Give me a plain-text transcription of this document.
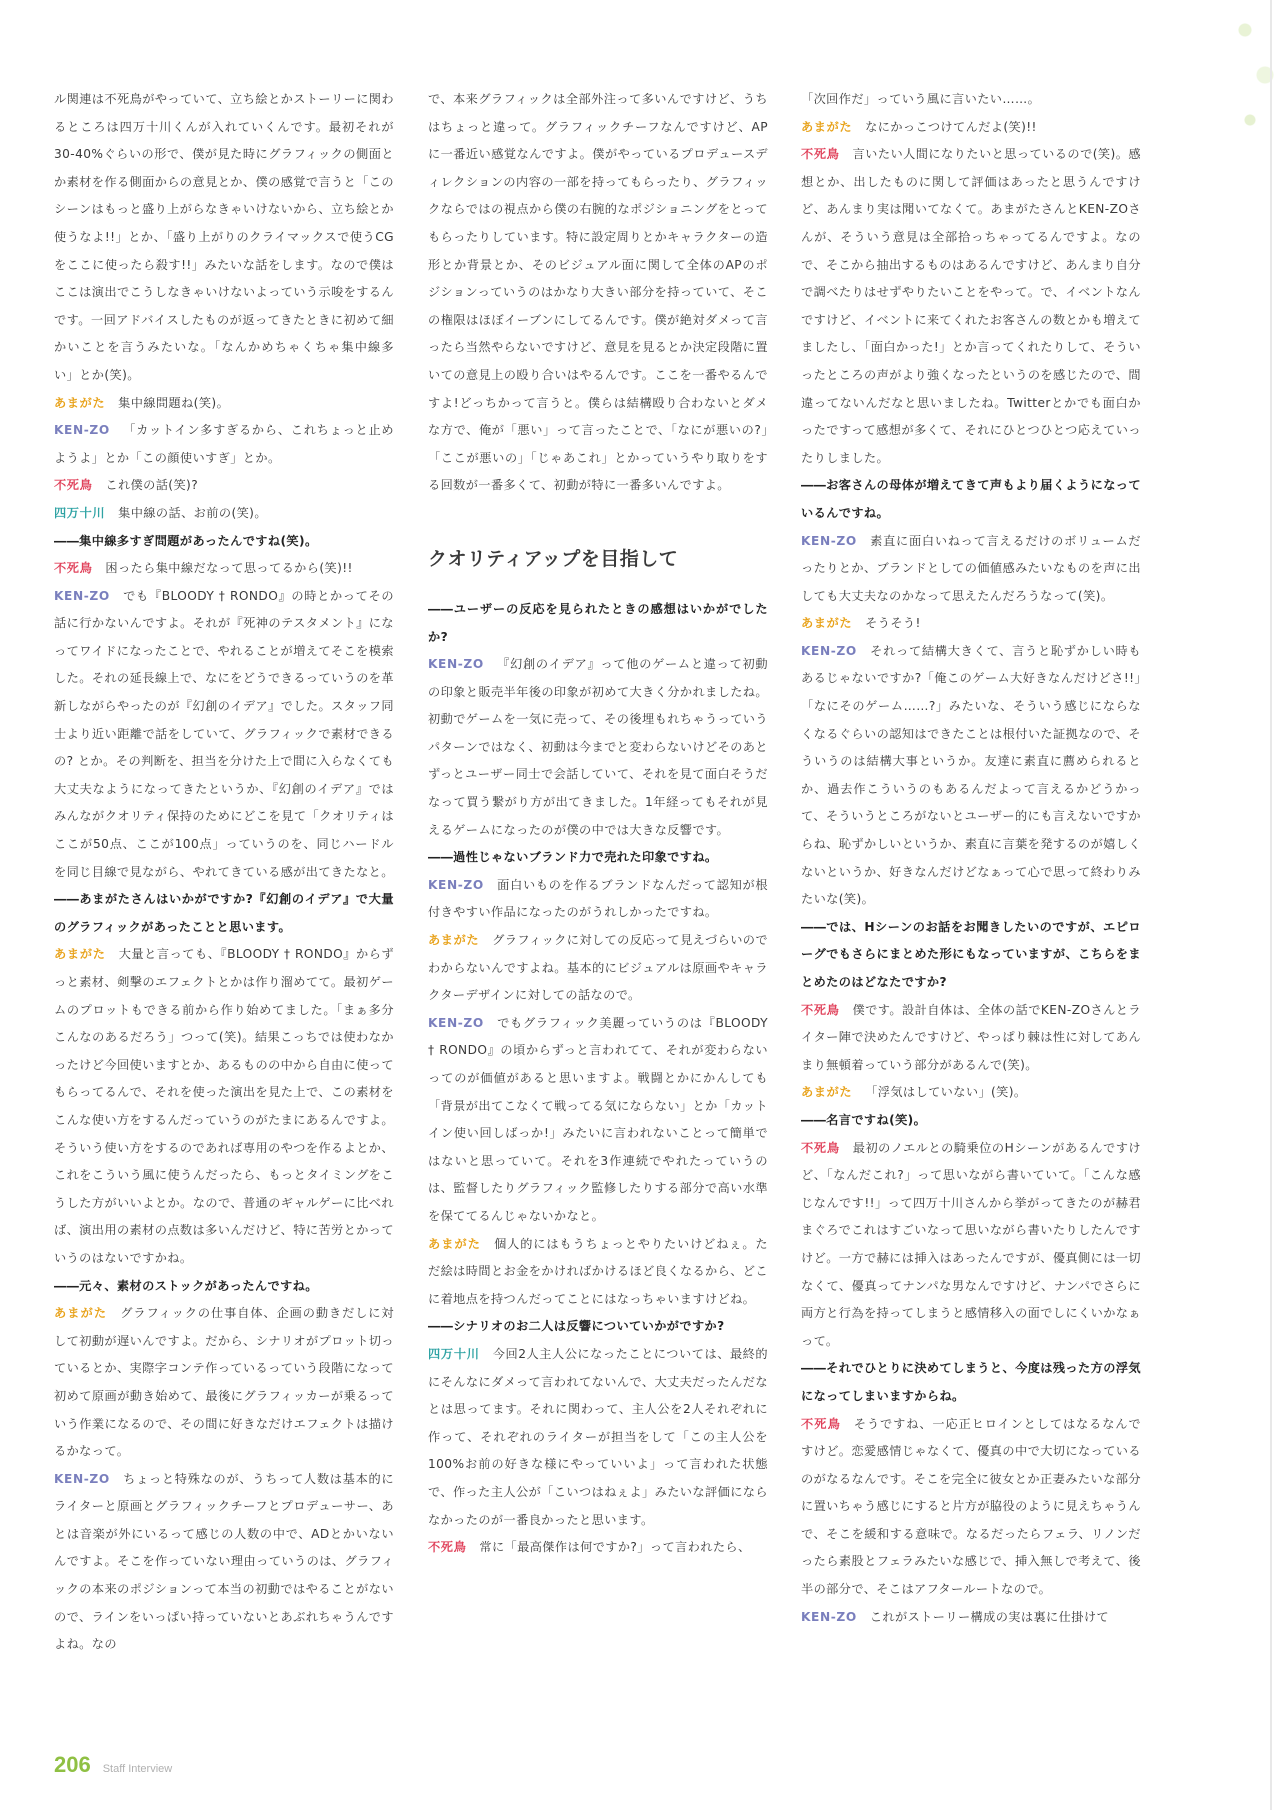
ル関連は不死鳥がやっていて、立ち絵とかストーリーに関わるところは四万十川くんが入れていくんです。最初それが30-40%ぐらいの形で、僕が見た時にグラフィックの側面とか素材を作る側面からの意見とか、僕の感覚で言うと「このシーンはもっと盛り上がらなきゃいけないから、立ち絵とか使うなよ!!」とか、「盛り上がりのクライマックスで使うCGをここに使ったら殺す!!」みたいな話をします。なので僕はここは演出でこうしなきゃいけないよっていう示唆をするんです。一回アドバイスしたものが返ってきたときに初めて細かいことを言うみたいな。「なんかめちゃくちゃ集中線多い」とか(笑)。

あまがた 集中線問題ね(笑)。

KEN-ZO 「カットイン多すぎるから、これちょっと止めようよ」とか「この顔使いすぎ」とか。

不死鳥 これ僕の話(笑)?

四万十川 集中線の話、お前の(笑)。

――集中線多すぎ問題があったんですね(笑)。

不死鳥 困ったら集中線だなって思ってるから(笑)!!

KEN-ZO でも『BLOODY † RONDO』の時とかってその話に行かないんですよ。それが『死神のテスタメント』になってワイドになったことで、やれることが増えてそこを模索した。それの延長線上で、なにをどうできるっていうのを革新しながらやったのが『幻創のイデア』でした。スタッフ同士より近い距離で話をしていて、グラフィックで素材できるの? とか。その判断を、担当を分けた上で間に入らなくても大丈夫なようになってきたというか、『幻創のイデア』ではみんながクオリティ保持のためにどこを見て「クオリティはここが50点、ここが100点」っていうのを、同じハードルを同じ目線で見ながら、やれてきている感が出てきたなと。

――あまがたさんはいかがですか?『幻創のイデア』で大量のグラフィックがあったことと思います。

あまがた 大量と言っても、『BLOODY † RONDO』からずっと素材、剣撃のエフェクトとかは作り溜めてて。最初ゲームのプロットもできる前から作り始めてました。「まぁ多分こんなのあるだろう」つって(笑)。結果こっちでは使わなかったけど今回使いますとか、あるものの中から自由に使ってもらってるんで、それを使った演出を見た上で、この素材をこんな使い方をするんだっていうのがたまにあるんですよ。そういう使い方をするのであれば専用のやつを作るよとか、これをこういう風に使うんだったら、もっとタイミングをこうした方がいいよとか。なので、普通のギャルゲーに比べれば、演出用の素材の点数は多いんだけど、特に苦労とかっていうのはないですかね。

――元々、素材のストックがあったんですね。

あまがた グラフィックの仕事自体、企画の動きだしに対して初動が遅いんですよ。だから、シナリオがプロット切っているとか、実際字コンテ作っているっていう段階になって初めて原画が動き始めて、最後にグラフィッカーが乗るっていう作業になるので、その間に好きなだけエフェクトは描けるかなって。

KEN-ZO ちょっと特殊なのが、うちって人数は基本的にライターと原画とグラフィックチーフとプロデューサー、あとは音楽が外にいるって感じの人数の中で、ADとかいないんですよ。そこを作っていない理由っていうのは、グラフィックの本来のポジションって本当の初動ではやることがないので、ラインをいっぱい持っていないとあぶれちゃうんですよね。なの

で、本来グラフィックは全部外注って多いんですけど、うちはちょっと違って。グラフィックチーフなんですけど、APに一番近い感覚なんですよ。僕がやっているプロデュースディレクションの内容の一部を持ってもらったり、グラフィックならではの視点から僕の右腕的なポジショニングをとってもらったりしています。特に設定周りとかキャラクターの造形とか背景とか、そのビジュアル面に関して全体のAPのポジションっていうのはかなり大きい部分を持っていて、そこの権限はほぼイーブンにしてるんです。僕が絶対ダメって言ったら当然やらないですけど、意見を見るとか決定段階に置いての意見上の殴り合いはやるんです。ここを一番やるんですよ!どっちかって言うと。僕らは結構殴り合わないとダメな方で、俺が「悪い」って言ったことで、「なにが悪いの?」「ここが悪いの」「じゃあこれ」とかっていうやり取りをする回数が一番多くて、初動が特に一番多いんですよ。

クオリティアップを目指して

――ユーザーの反応を見られたときの感想はいかがでしたか?

KEN-ZO 『幻創のイデア』って他のゲームと違って初動の印象と販売半年後の印象が初めて大きく分かれましたね。初動でゲームを一気に売って、その後埋もれちゃうっていうパターンではなく、初動は今までと変わらないけどそのあとずっとユーザー同士で会話していて、それを見て面白そうだなって買う繋がり方が出てきました。1年経ってもそれが見えるゲームになったのが僕の中では大きな反響です。

――過性じゃないブランド力で売れた印象ですね。

KEN-ZO 面白いものを作るブランドなんだって認知が根付きやすい作品になったのがうれしかったですね。

あまがた グラフィックに対しての反応って見えづらいのでわからないんですよね。基本的にビジュアルは原画やキャラクターデザインに対しての話なので。

KEN-ZO でもグラフィック美麗っていうのは『BLOODY † RONDO』の頃からずっと言われてて、それが変わらないってのが価値があると思いますよ。戦闘とかにかんしても「背景が出てこなくて戦ってる気にならない」とか「カットイン使い回しばっか!」みたいに言われないことって簡単ではないと思っていて。それを3作連続でやれたっていうのは、監督したりグラフィック監修したりする部分で高い水準を保ててるんじゃないかなと。

あまがた 個人的にはもうちょっとやりたいけどねぇ。ただ絵は時間とお金をかければかけるほど良くなるから、どこに着地点を持つんだってことにはなっちゃいますけどね。

――シナリオのお二人は反響についていかがですか?

四万十川 今回2人主人公になったことについては、最終的にそんなにダメって言われてないんで、大丈夫だったんだなとは思ってます。それに関わって、主人公を2人それぞれに作って、それぞれのライターが担当をして「この主人公を100%お前の好きな様にやっていいよ」って言われた状態で、作った主人公が「こいつはねぇよ」みたいな評価にならなかったのが一番良かったと思います。

不死鳥 常に「最高傑作は何ですか?」って言われたら、

「次回作だ」っていう風に言いたい……。

あまがた なにかっこつけてんだよ(笑)!!

不死鳥 言いたい人間になりたいと思っているので(笑)。感想とか、出したものに関して評価はあったと思うんですけど、あんまり実は聞いてなくて。あまがたさんとKEN-ZOさんが、そういう意見は全部拾っちゃってるんですよ。なので、そこから抽出するものはあるんですけど、あんまり自分で調べたりはせずやりたいことをやって。で、イベントなんですけど、イベントに来てくれたお客さんの数とかも増えてましたし、「面白かった!」とか言ってくれたりして、そういったところの声がより強くなったというのを感じたので、間違ってないんだなと思いましたね。Twitterとかでも面白かったですって感想が多くて、それにひとつひとつ応えていったりしました。

――お客さんの母体が増えてきて声もより届くようになっているんですね。

KEN-ZO 素直に面白いねって言えるだけのボリュームだったりとか、ブランドとしての価値感みたいなものを声に出しても大丈夫なのかなって思えたんだろうなって(笑)。

あまがた そうそう!

KEN-ZO それって結構大きくて、言うと恥ずかしい時もあるじゃないですか?「俺このゲーム大好きなんだけどさ!!」「なにそのゲーム……?」みたいな、そういう感じにならなくなるぐらいの認知はできたことは根付いた証拠なので、そういうのは結構大事というか。友達に素直に薦められるとか、過去作こういうのもあるんだよって言えるかどうかって、そういうところがないとユーザー的にも言えないですからね、恥ずかしいというか、素直に言葉を発するのが嬉しくないというか、好きなんだけどなぁって心で思って終わりみたいな(笑)。

――では、Hシーンのお話をお聞きしたいのですが、エピローグでもさらにまとめた形にもなっていますが、こちらをまとめたのはどなたですか?

不死鳥 僕です。設計自体は、全体の話でKEN-ZOさんとライター陣で決めたんですけど、やっぱり棘は性に対してあんまり無頓着っていう部分があるんで(笑)。

あまがた 「浮気はしていない」(笑)。

――名言ですね(笑)。

不死鳥 最初のノエルとの騎乗位のHシーンがあるんですけど、「なんだこれ?」って思いながら書いていて。「こんな感じなんです!!」って四万十川さんから挙がってきたのが赫君まぐろでこれはすごいなって思いながら書いたりしたんですけど。一方で赫には挿入はあったんですが、優真側には一切なくて、優真ってナンパな男なんですけど、ナンパでさらに両方と行為を持ってしまうと感情移入の面でしにくいかなぁって。

――それでひとりに決めてしまうと、今度は残った方の浮気になってしまいますからね。

不死鳥 そうですね、一応正ヒロインとしてはなるなんですけど。恋愛感情じゃなくて、優真の中で大切になっているのがなるなんです。そこを完全に彼女とか正妻みたいな部分に置いちゃう感じにすると片方が脇役のように見えちゃうんで、そこを緩和する意味で。なるだったらフェラ、リノンだったら素股とフェラみたいな感じで、挿入無しで考えて、後半の部分で、そこはアフタールートなので。

KEN-ZO これがストーリー構成の実は裏に仕掛けて

206 Staff Interview
